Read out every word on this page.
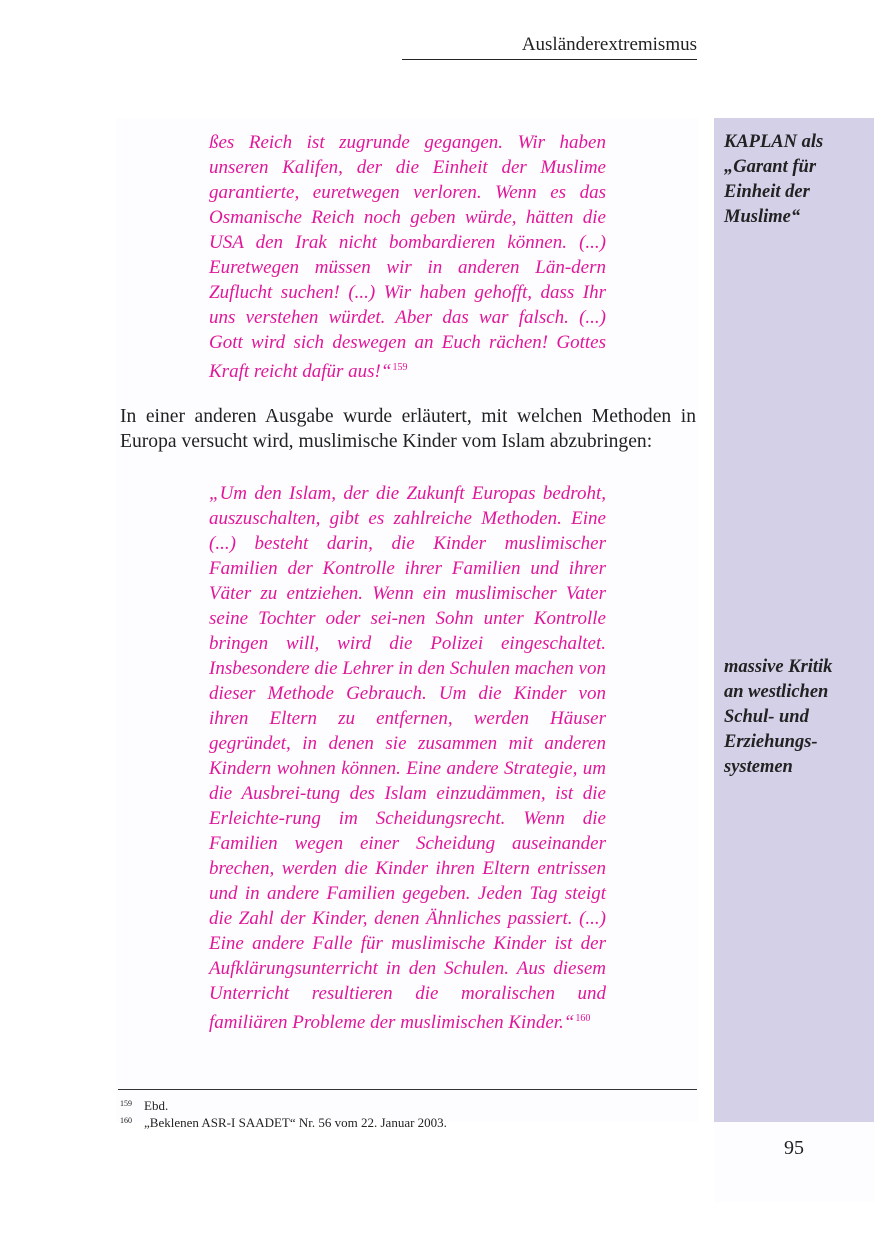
Ausländerextremismus

ßes Reich ist zugrunde gegangen. Wir haben unseren Kalifen, der die Einheit der Muslime garantierte, euretwegen verloren. Wenn es das Osmanische Reich noch geben würde, hätten die USA den Irak nicht bombardieren können. (...) Euretwegen müssen wir in anderen Län-dern Zuflucht suchen! (...) Wir haben gehofft, dass Ihr uns verstehen würdet. Aber das war falsch. (...) Gott wird sich deswegen an Euch rächen! Gottes Kraft reicht dafür aus!“$^{159}$

In einer anderen Ausgabe wurde erläutert, mit welchen Methoden in Europa versucht wird, muslimische Kinder vom Islam abzubringen:

„Um den Islam, der die Zukunft Europas bedroht, auszuschalten, gibt es zahlreiche Methoden. Eine (...) besteht darin, die Kinder muslimischer Familien der Kontrolle ihrer Familien und ihrer Väter zu entziehen. Wenn ein muslimischer Vater seine Tochter oder sei-nen Sohn unter Kontrolle bringen will, wird die Polizei eingeschaltet. Insbesondere die Lehrer in den Schulen machen von dieser Methode Gebrauch. Um die Kinder von ihren Eltern zu entfernen, werden Häuser gegründet, in denen sie zusammen mit anderen Kindern wohnen können. Eine andere Strategie, um die Ausbrei-tung des Islam einzudämmen, ist die Erleichte-rung im Scheidungsrecht. Wenn die Familien wegen einer Scheidung auseinander brechen, werden die Kinder ihren Eltern entrissen und in andere Familien gegeben. Jeden Tag steigt die Zahl der Kinder, denen Ähnliches passiert. (...) Eine andere Falle für muslimische Kinder ist der Aufklärungsunterricht in den Schulen. Aus diesem Unterricht resultieren die moralischen und familiären Probleme der muslimischen Kinder.“$^{160}$

159 Ebd.
160 „Beklenen ASR-I SAADET“ Nr. 56 vom 22. Januar 2003.
KAPLAN als
„Garant für
Einheit der
Muslime“
massive Kritik
an westlichen
Schul- und
Erziehungs-
systemen
95
